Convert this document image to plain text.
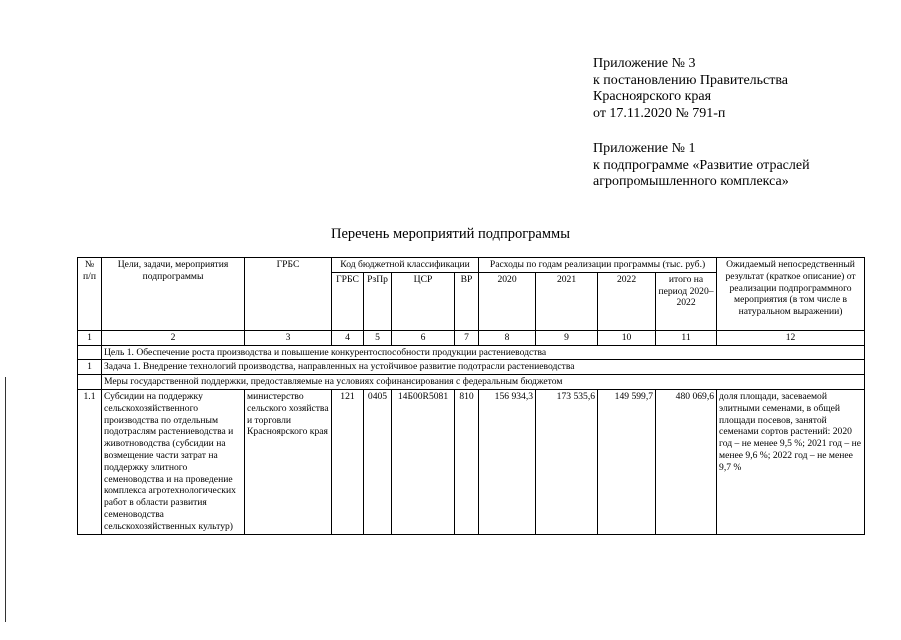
Приложение № 3
к постановлению Правительства
Красноярского края
от 17.11.2020 № 791-п
Приложение № 1
к подпрограмме «Развитие отраслей
агропромышленного комплекса»
Перечень мероприятий подпрограммы
№ п/п	Цели, задачи, мероприятия подпрограммы	ГРБС	Код бюджетной классификации				Расходы по годам реализации программы (тыс. руб.)				Ожидаемый непосредственный результат (краткое описание) от реализации подпрограммного мероприятия (в том числе в натуральном выражении)
			ГРБС	РзПр	ЦСР	ВР	2020	2021	2022	итого на период 2020–2022	
1	2	3	4	5	6	7	8	9	10	11	12
	Цель 1. Обеспечение роста производства и повышение конкурентоспособности продукции растениеводства										
1	Задача 1. Внедрение технологий производства, направленных на устойчивое развитие подотрасли растениеводства										
	Меры государственной поддержки, предоставляемые на условиях софинансирования с федеральным бюджетом										
1.1	Субсидии на поддержку сельскохозяйственного производства по отдельным подотраслям растениеводства и животноводства (субсидии на возмещение части затрат на поддержку элитного семеноводства и на проведение комплекса агротехнологических работ в области развития семеноводства сельскохозяйственных культур)	министерство сельского хозяйства и торговли Красноярского края	121	0405	14Б00R5081	810	156 934,3	173 535,6	149 599,7	480 069,6	доля площади, засеваемой элитными семенами, в общей площади посевов, занятой семенами сортов растений: 2020 год – не менее 9,5 %; 2021 год – не менее 9,6 %; 2022 год – не менее 9,7 %
